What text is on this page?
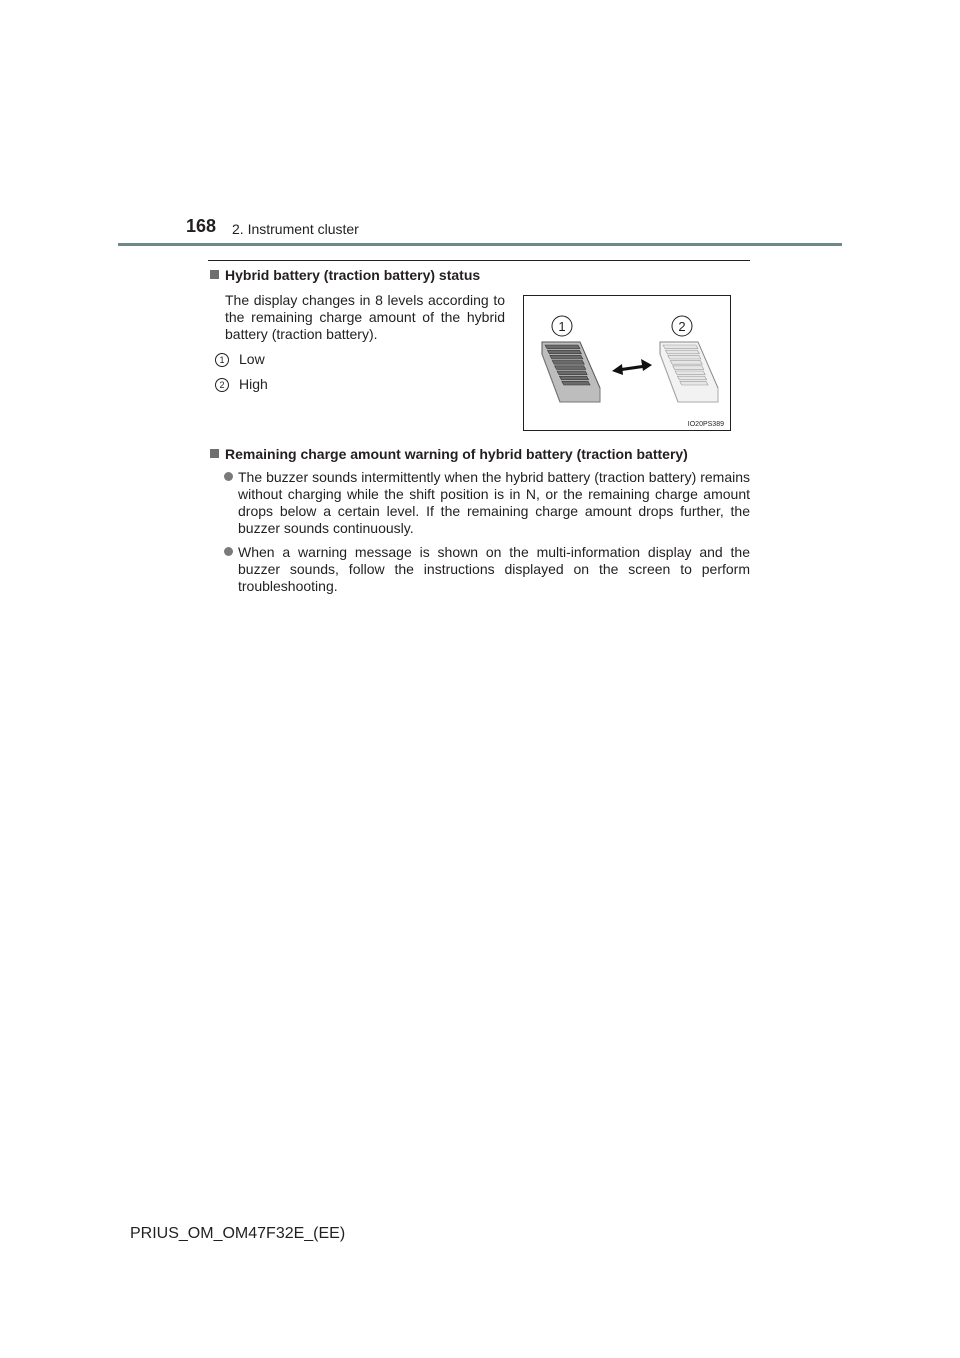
168 2. Instrument cluster
Hybrid battery (traction battery) status
The display changes in 8 levels according to the remaining charge amount of the hybrid battery (traction battery).
1 Low
2 High
1	2
IO20PS389
Remaining charge amount warning of hybrid battery (traction battery)
The buzzer sounds intermittently when the hybrid battery (traction battery) remains without charging while the shift position is in N, or the remaining charge amount drops below a certain level. If the remaining charge amount drops further, the buzzer sounds continuously.
When a warning message is shown on the multi-information display and the buzzer sounds, follow the instructions displayed on the screen to perform troubleshooting.
PRIUS_OM_OM47F32E_(EE)
